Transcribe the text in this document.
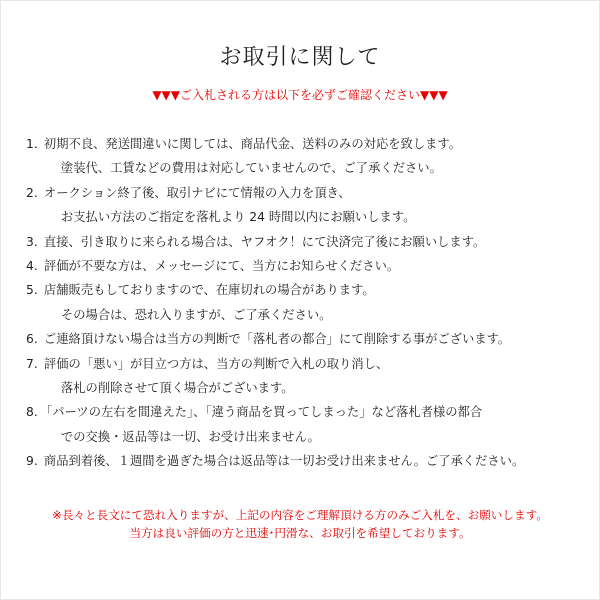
お取引に関して
▼▼▼ご入札される方は以下を必ずご確認ください▼▼▼
1. 初期不良、発送間違いに関しては、商品代金、送料のみの対応を致します。
塗装代、工賃などの費用は対応していませんので、ご了承ください。
2. オークション終了後、取引ナビにて情報の入力を頂き、
お支払い方法のご指定を落札より 24 時間以内にお願いします。
3. 直接、引き取りに来られる場合は、ヤフオク！にて決済完了後にお願いします。
4. 評価が不要な方は、メッセージにて、当方にお知らせください。
5. 店舗販売もしておりますので、在庫切れの場合があります。
その場合は、恐れ入りますが、ご了承ください。
6. ご連絡頂けない場合は当方の判断で「落札者の都合」にて削除する事がございます。
7. 評価の「悪い」が目立つ方は、当方の判断で入札の取り消し、
落札の削除させて頂く場合がございます。
8. 「パーツの左右を間違えた」、「違う商品を買ってしまった」など落札者様の都合
での交換・返品等は一切、お受け出来ません。
9. 商品到着後、１週間を過ぎた場合は返品等は一切お受け出来ません。ご了承ください。
※長々と長文にて恐れ入りますが、上記の内容をご理解頂ける方のみご入札を、お願いします。
当方は良い評価の方と迅速･円滑な、お取引を希望しております。
